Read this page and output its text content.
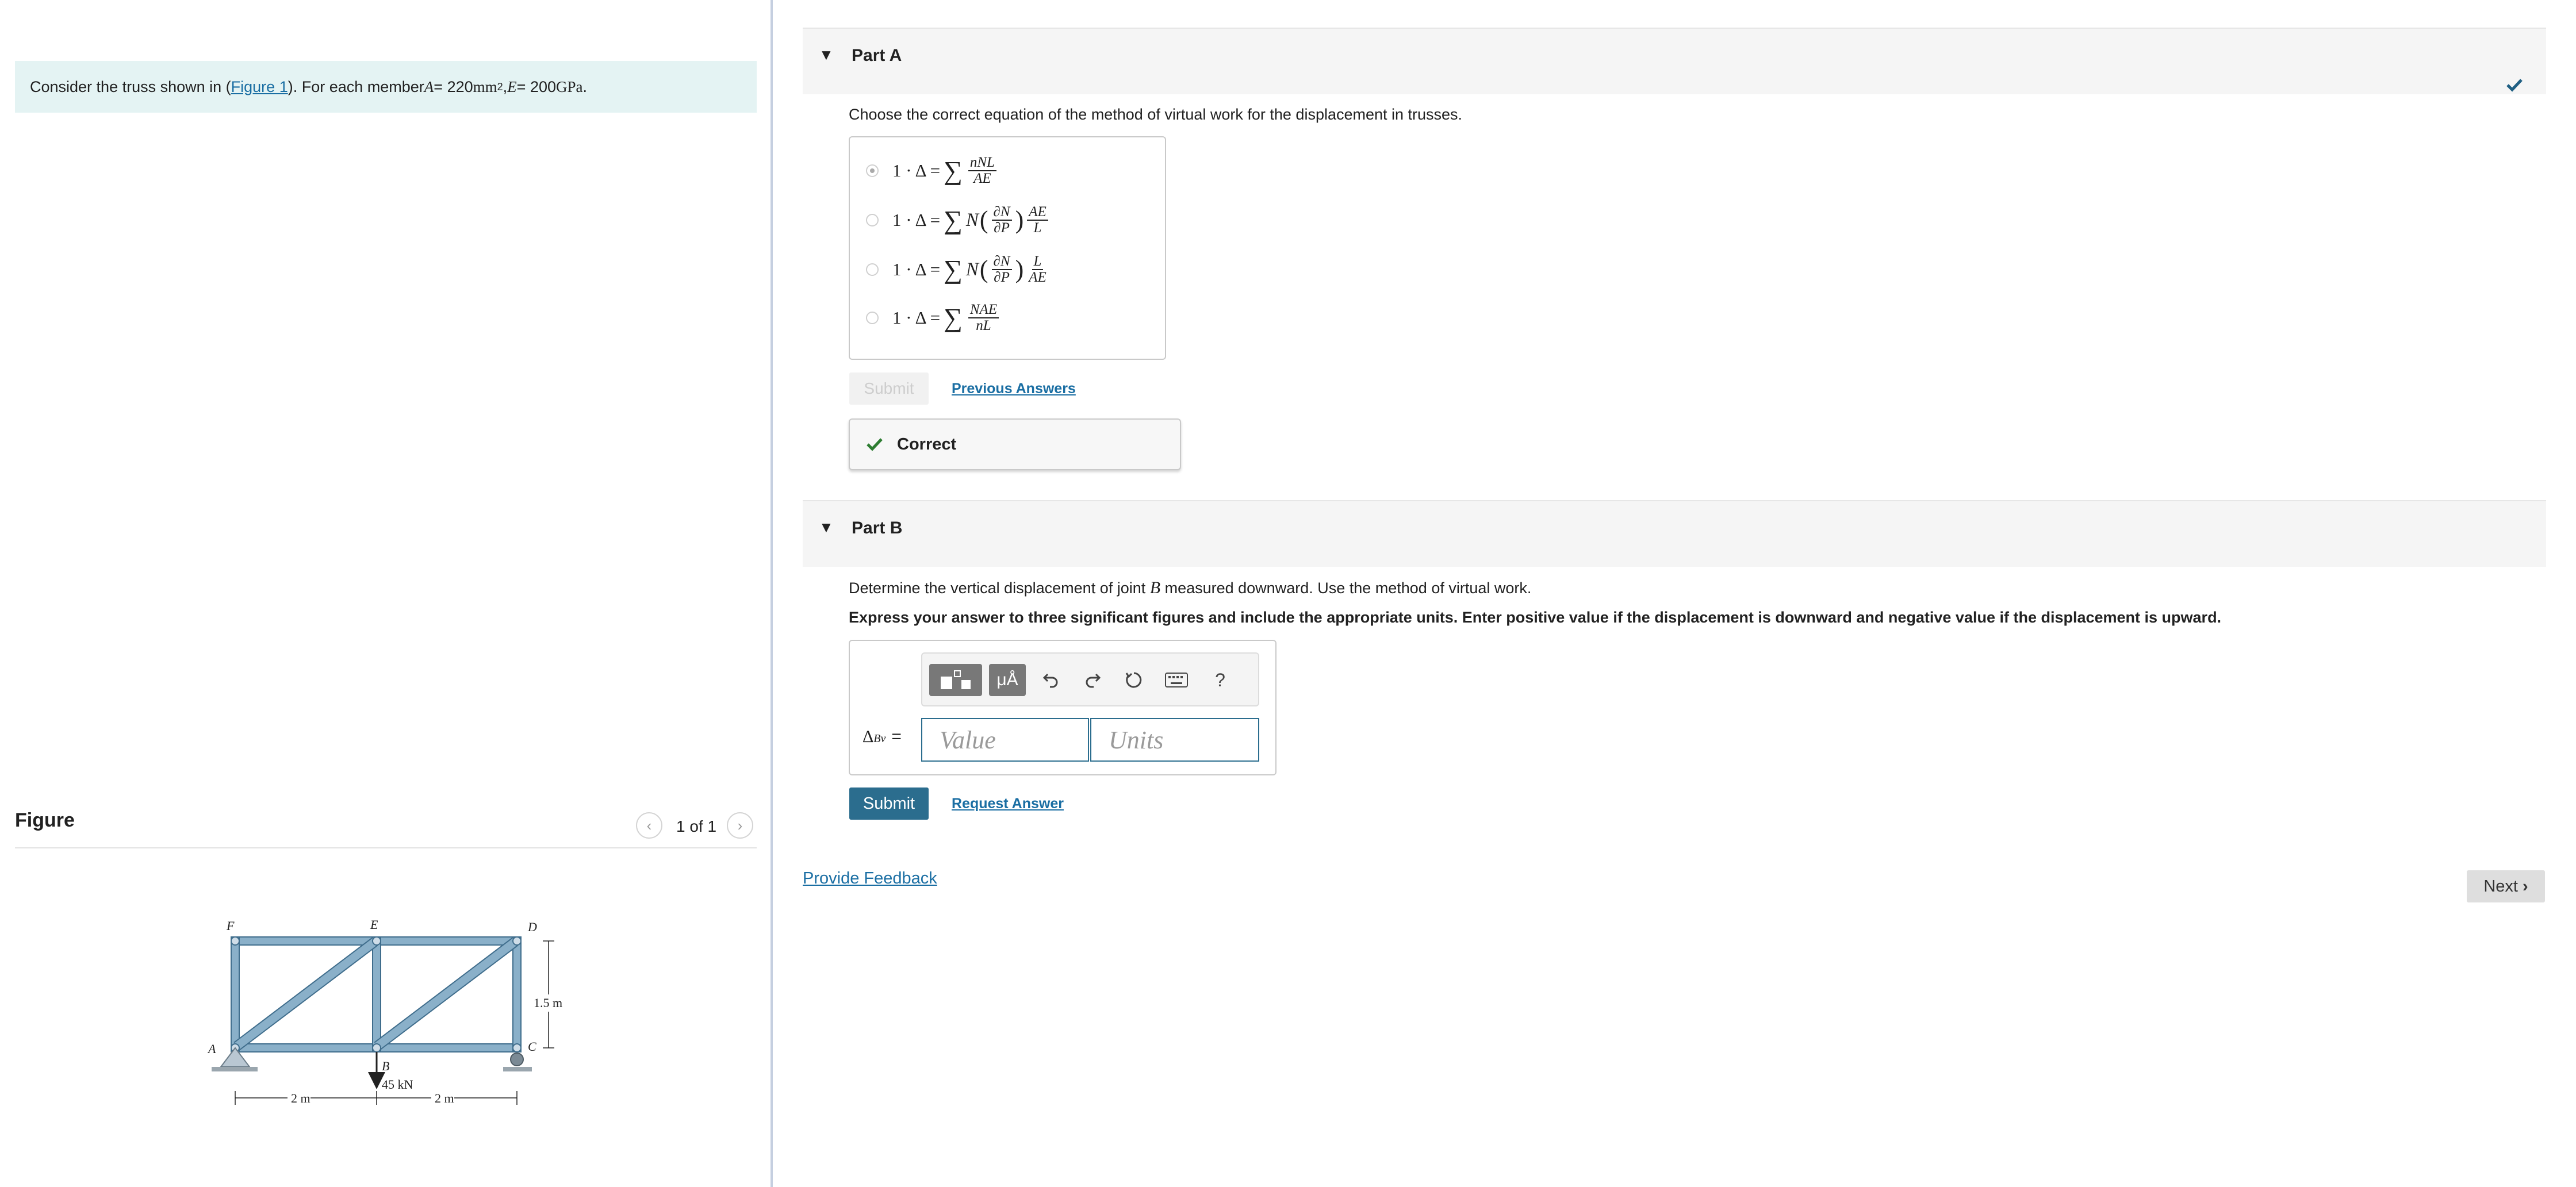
Consider the truss shown in ( Figure 1 ). For each member A = 220 mm 2 , E = 200 GPa .
Figure	‹ 1 of 1 ›
F	E	D
A
B
C
45 kN
1.5 m
2 m	2 m
▼ Part A
Choose the correct equation of the method of virtual work for the displacement in trusses.
1 · Δ = ∑ $\frac{\text{nNL}}{AE}$
1 · Δ = ∑ N ( $\frac{\partial N}{\partial P}$ ) $\frac{AE}{L}$
1 · Δ = ∑ N ( $\frac{\partial N}{\partial P}$ ) $\frac{L}{AE}$
1 · Δ = ∑ $\frac{\text{NAE}}{nL}$
Submit	Previous Answers
Correct
▼ Part B
Determine the vertical displacement of joint B measured downward. Use the method of virtual work.
Express your answer to three significant figures and include the appropriate units. Enter positive value if the displacement is downward and negative value if the displacement is upward.
μÅ	?
Δ Bv =	Value	Units
Submit	Request Answer
Provide Feedback	Next ›
